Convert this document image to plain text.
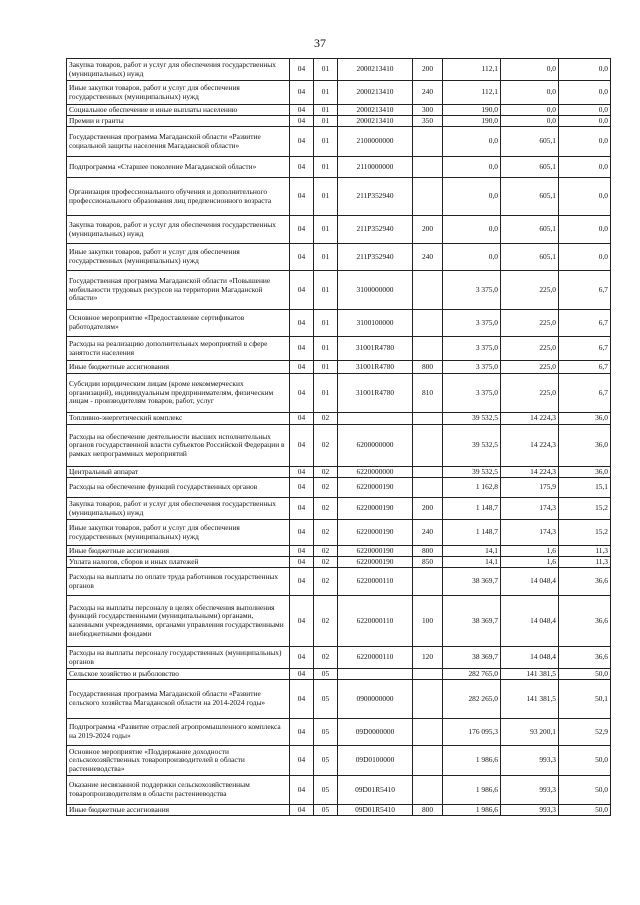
37
Закупка товаров, работ и услуг для обеспечения государственных (муниципальных) нужд	04	01	2000213410	200	112,1	0,0	0,0
Иные закупки товаров, работ и услуг для обеспечения государственных (муниципальных) нужд	04	01	2000213410	240	112,1	0,0	0,0
Социальное обеспечение и иные выплаты населению	04	01	2000213410	300	190,0	0,0	0,0
Премии и гранты	04	01	2000213410	350	190,0	0,0	0,0
Государственная программа Магаданской области «Развитие социальной защиты населения Магаданской области»	04	01	2100000000		0,0	605,1	0,0
Подпрограмма «Старшее поколение Магаданской области»	04	01	2110000000		0,0	605,1	0,0
Организация профессионального обучения и дополнительного профессионального образования лиц предпенсионного возраста	04	01	211P352940		0,0	605,1	0,0
Закупка товаров, работ и услуг для обеспечения государственных (муниципальных) нужд	04	01	211P352940	200	0,0	605,1	0,0
Иные закупки товаров, работ и услуг для обеспечения государственных (муниципальных) нужд	04	01	211P352940	240	0,0	605,1	0,0
Государственная программа Магаданской области «Повышение мобильности трудовых ресурсов на территории Магаданской области»	04	01	3100000000		3 375,0	225,0	6,7
Основное мероприятие «Предоставление сертификатов работодателям»	04	01	3100100000		3 375,0	225,0	6,7
Расходы на реализацию дополнительных мероприятий в сфере занятости населения	04	01	31001R4780		3 375,0	225,0	6,7
Иные бюджетные ассигнования	04	01	31001R4780	800	3 375,0	225,0	6,7
Субсидии юридическим лицам (кроме некоммерческих организаций), индивидуальным предпринимателям, физическим лицам - производителям товаров, работ, услуг	04	01	31001R4780	810	3 375,0	225,0	6,7
Топливно-энергетический комплекс	04	02			39 532,5	14 224,3	36,0
Расходы на обеспечение деятельности высших исполнительных органов государственной власти субъектов Российской Федерации в рамках непрограммных мероприятий	04	02	6200000000		39 532,5	14 224,3	36,0
Центральный аппарат	04	02	6220000000		39 532,5	14 224,3	36,0
Расходы на обеспечение функций государственных органов	04	02	6220000190		1 162,8	175,9	15,1
Закупка товаров, работ и услуг для обеспечения государственных (муниципальных) нужд	04	02	6220000190	200	1 148,7	174,3	15,2
Иные закупки товаров, работ и услуг для обеспечения государственных (муниципальных) нужд	04	02	6220000190	240	1 148,7	174,3	15,2
Иные бюджетные ассигнования	04	02	6220000190	800	14,1	1,6	11,3
Уплата налогов, сборов и иных платежей	04	02	6220000190	850	14,1	1,6	11,3
Расходы на выплаты по оплате труда работников государственных органов	04	02	6220000110		38 369,7	14 048,4	36,6
Расходы на выплаты персоналу в целях обеспечения выполнения функций государственными (муниципальными) органами, казенными учреждениями, органами управления государственными внебюджетными фондами	04	02	6220000110	100	38 369,7	14 048,4	36,6
Расходы на выплаты персоналу государственных (муниципальных) органов	04	02	6220000110	120	38 369,7	14 048,4	36,6
Сельское хозяйство и рыболовство	04	05			282 765,0	141 381,5	50,0
Государственная программа Магаданской области «Развитие сельского хозяйства Магаданской области на 2014-2024 годы»	04	05	0900000000		282 265,0	141 381,5	50,1
Подпрограмма «Развитие отраслей агропромышленного комплекса на 2019-2024 годы»	04	05	09D0000000		176 095,3	93 200,1	52,9
Основное мероприятие «Поддержание доходности сельскохозяйственных товаропроизводителей в области растениеводства»	04	05	09D0100000		1 986,6	993,3	50,0
Оказание несвязанной поддержки сельскохозяйственным товаропроизводителям в области растениеводства	04	05	09D01R5410		1 986,6	993,3	50,0
Иные бюджетные ассигнования	04	05	09D01R5410	800	1 986,6	993,3	50,0
